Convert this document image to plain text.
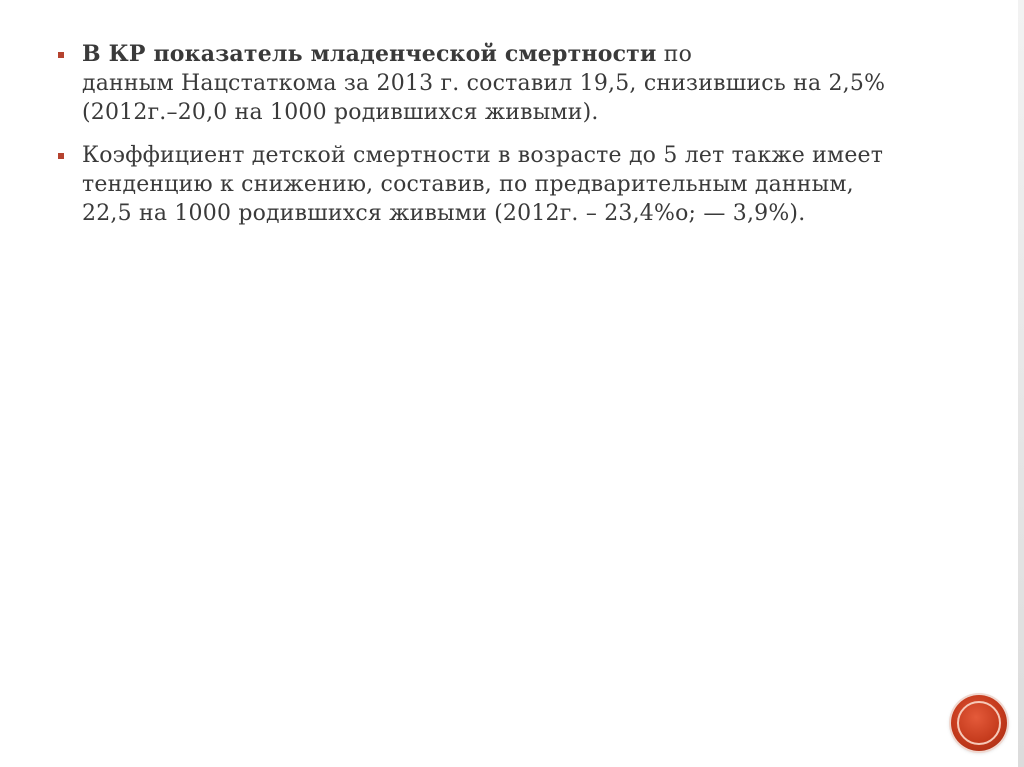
В КР показатель младенческой смертности по
данным Нацстаткома за 2013 г. составил 19,5, снизившись на 2,5%
(2012г.–20,0 на 1000 родившихся живыми).
Коэффициент детской смертности в возрасте до 5 лет также имеет
тенденцию к снижению, составив, по предварительным данным,
22,5 на 1000 родившихся живыми (2012г. – 23,4%о; — 3,9%).
